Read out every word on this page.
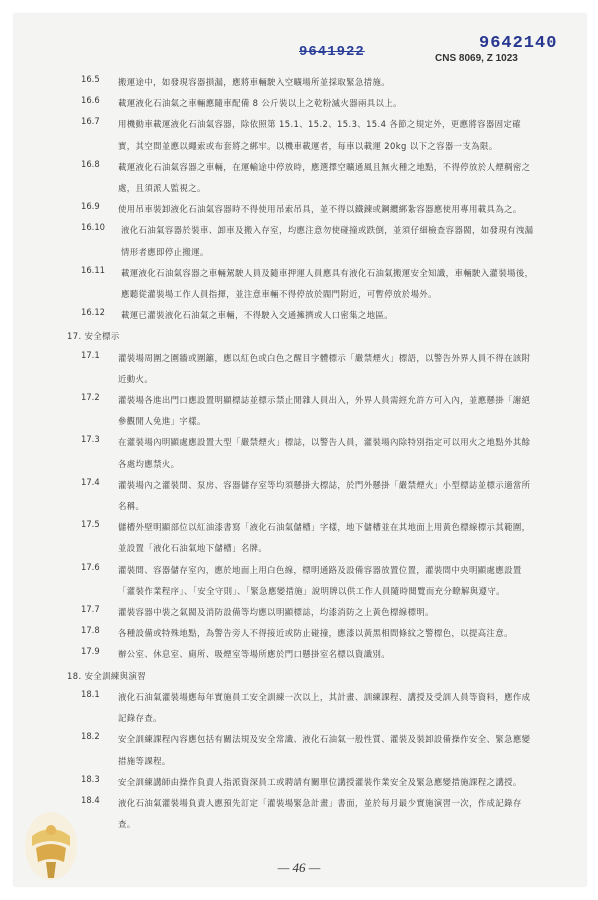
9641922	9642140
CNS 8069, Z 1023
16.5	搬運途中，如發現容器損漏，應將車輛駛入空曠場所並採取緊急措施。
16.6	載運液化石油氣之車輛應隨車配備 8 公斤裝以上之乾粉滅火器兩具以上。
16.7	用機動車載運液化石油氣容器，除依照第 15.1、15.2、15.3、15.4 各節之規定外，更應將容器固定確實，其空間並應以繩索或布套將之綁牢。以機車載運者，每車以載運 20kg 以下之容器一支為限。
16.8	載運液化石油氣容器之車輛，在運輸途中停放時，應選擇空曠通風且無火種之地點，不得停放於人煙稠密之處，且須派人監視之。
16.9	使用吊車裝卸液化石油氣容器時不得使用吊索吊具，並不得以鐵鍊或鋼纜綁紮容器應使用專用載具為之。
16.10	液化石油氣容器於裝車、卸車及搬入存室，均應注意勿使碰撞或跌倒，並須仔細檢查容器閥，如發現有洩漏情形者應即停止搬運。
16.11	載運液化石油氣容器之車輛駕駛人員及隨車押運人員應具有液化石油氣搬運安全知識，車輛駛入灌裝場後，應聽從灌裝場工作人員指揮，並注意車輛不得停放於閥門附近，可暫停放於場外。
16.12	載運已灌裝液化石油氣之車輛，不得駛入交通擁擠或人口密集之地區。
17. 安全標示
17.1	灌裝場周圍之圍牆或圍籬，應以紅色或白色之醒目字體標示「嚴禁煙火」標語，以警告外界人員不得在該附近動火。
17.2	灌裝場各進出門口應設置明顯標誌並標示禁止閒雜人員出入，外界人員需經允許方可入內，並應懸掛「謝絕參觀閒人免進」字樣。
17.3	在灌裝場內明顯處應設置大型「嚴禁煙火」標誌，以警告人員，灌裝場內除特別指定可以用火之地點外其餘各處均應禁火。
17.4	灌裝場內之灌裝間、泵房、容器儲存室等均須懸掛大標誌，於門外懸掛「嚴禁煙火」小型標誌並標示適當所名稱。
17.5	儲槽外壁明顯部位以紅油漆書寫「液化石油氣儲槽」字樣，地下儲槽並在其地面上用黃色標線標示其範圍，並設置「液化石油氣地下儲槽」名牌。
17.6	灌裝間、容器儲存室內，應於地面上用白色線，標明通路及設備容器放置位置，灌裝間中央明顯處應設置「灌裝作業程序」、「安全守則」、「緊急應變措施」說明牌以供工作人員隨時閱覽而充分瞭解與遵守。
17.7	灌裝容器中裝之氣閥及消防設備等均應以明顯標誌，均漆消防之上黃色標線標明。
17.8	各種設備或特殊地點，為警告旁人不得接近或防止碰撞，應漆以黃黑相間條紋之警標色，以提高注意。
17.9	辦公室、休息室、廁所、吸煙室等場所應於門口懸掛室名標以資識別。
18. 安全訓練與演習
18.1	液化石油氣灌裝場應每年實施員工安全訓練一次以上，其計畫、訓練課程、講授及受訓人員等資料，應作成記錄存查。
18.2	安全訓練課程內容應包括有關法規及安全常識、液化石油氣一般性質、灌裝及裝卸設備操作安全、緊急應變措施等課程。
18.3	安全訓練講師由操作負責人指派資深員工或聘請有關單位講授灌裝作業安全及緊急應變措施課程之講授。
18.4	液化石油氣灌裝場負責人應預先訂定「灌裝場緊急計畫」書面，並於每月最少實施演習一次，作成記錄存查。
— 46 —
